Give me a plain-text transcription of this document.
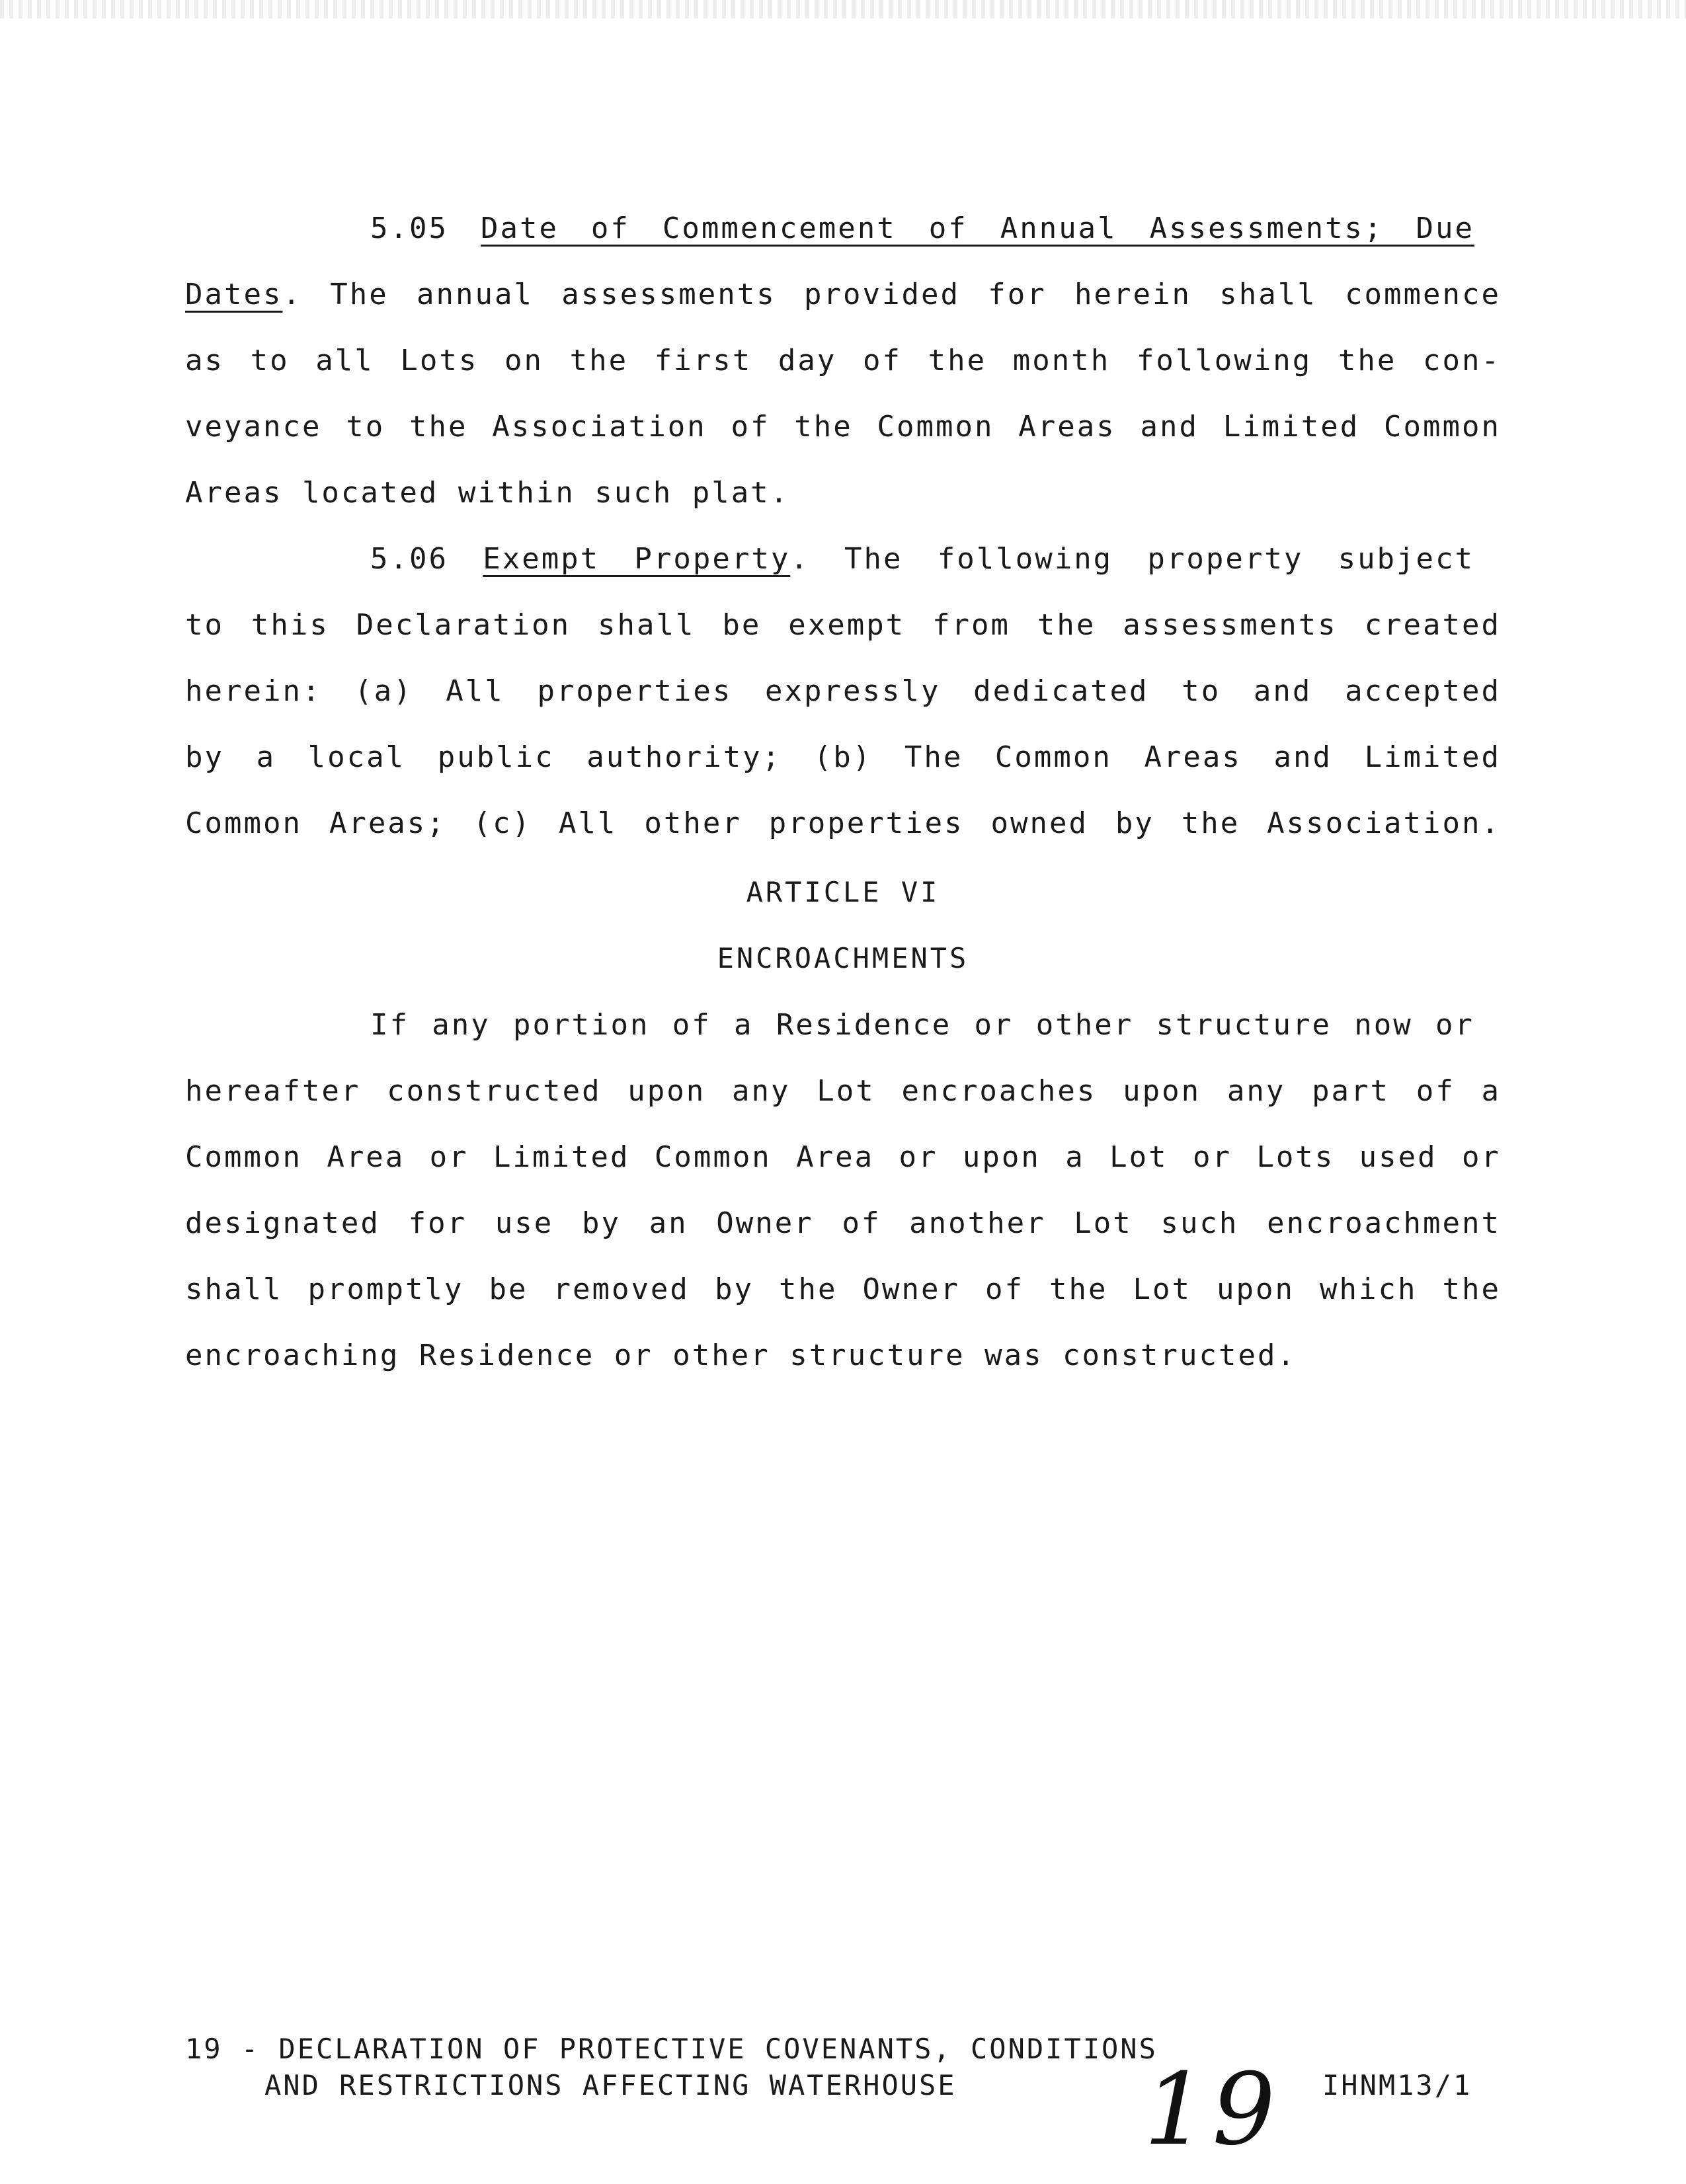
5.05 Date of Commencement of Annual Assessments; Due
Dates. The annual assessments provided for herein shall commence
as to all Lots on the first day of the month following the con-
veyance to the Association of the Common Areas and Limited Common
Areas located within such plat.
5.06 Exempt Property. The following property subject
to this Declaration shall be exempt from the assessments created
herein: (a) All properties expressly dedicated to and accepted
by a local public authority; (b) The Common Areas and Limited
Common Areas; (c) All other properties owned by the Association.
ARTICLE VI
ENCROACHMENTS
If any portion of a Residence or other structure now or
hereafter constructed upon any Lot encroaches upon any part of a
Common Area or Limited Common Area or upon a Lot or Lots used or
designated for use by an Owner of another Lot such encroachment
shall promptly be removed by the Owner of the Lot upon which the
encroaching Residence or other structure was constructed.
19 - DECLARATION OF PROTECTIVE COVENANTS, CONDITIONS
AND RESTRICTIONS AFFECTING WATERHOUSE 19 IHNM13/1
